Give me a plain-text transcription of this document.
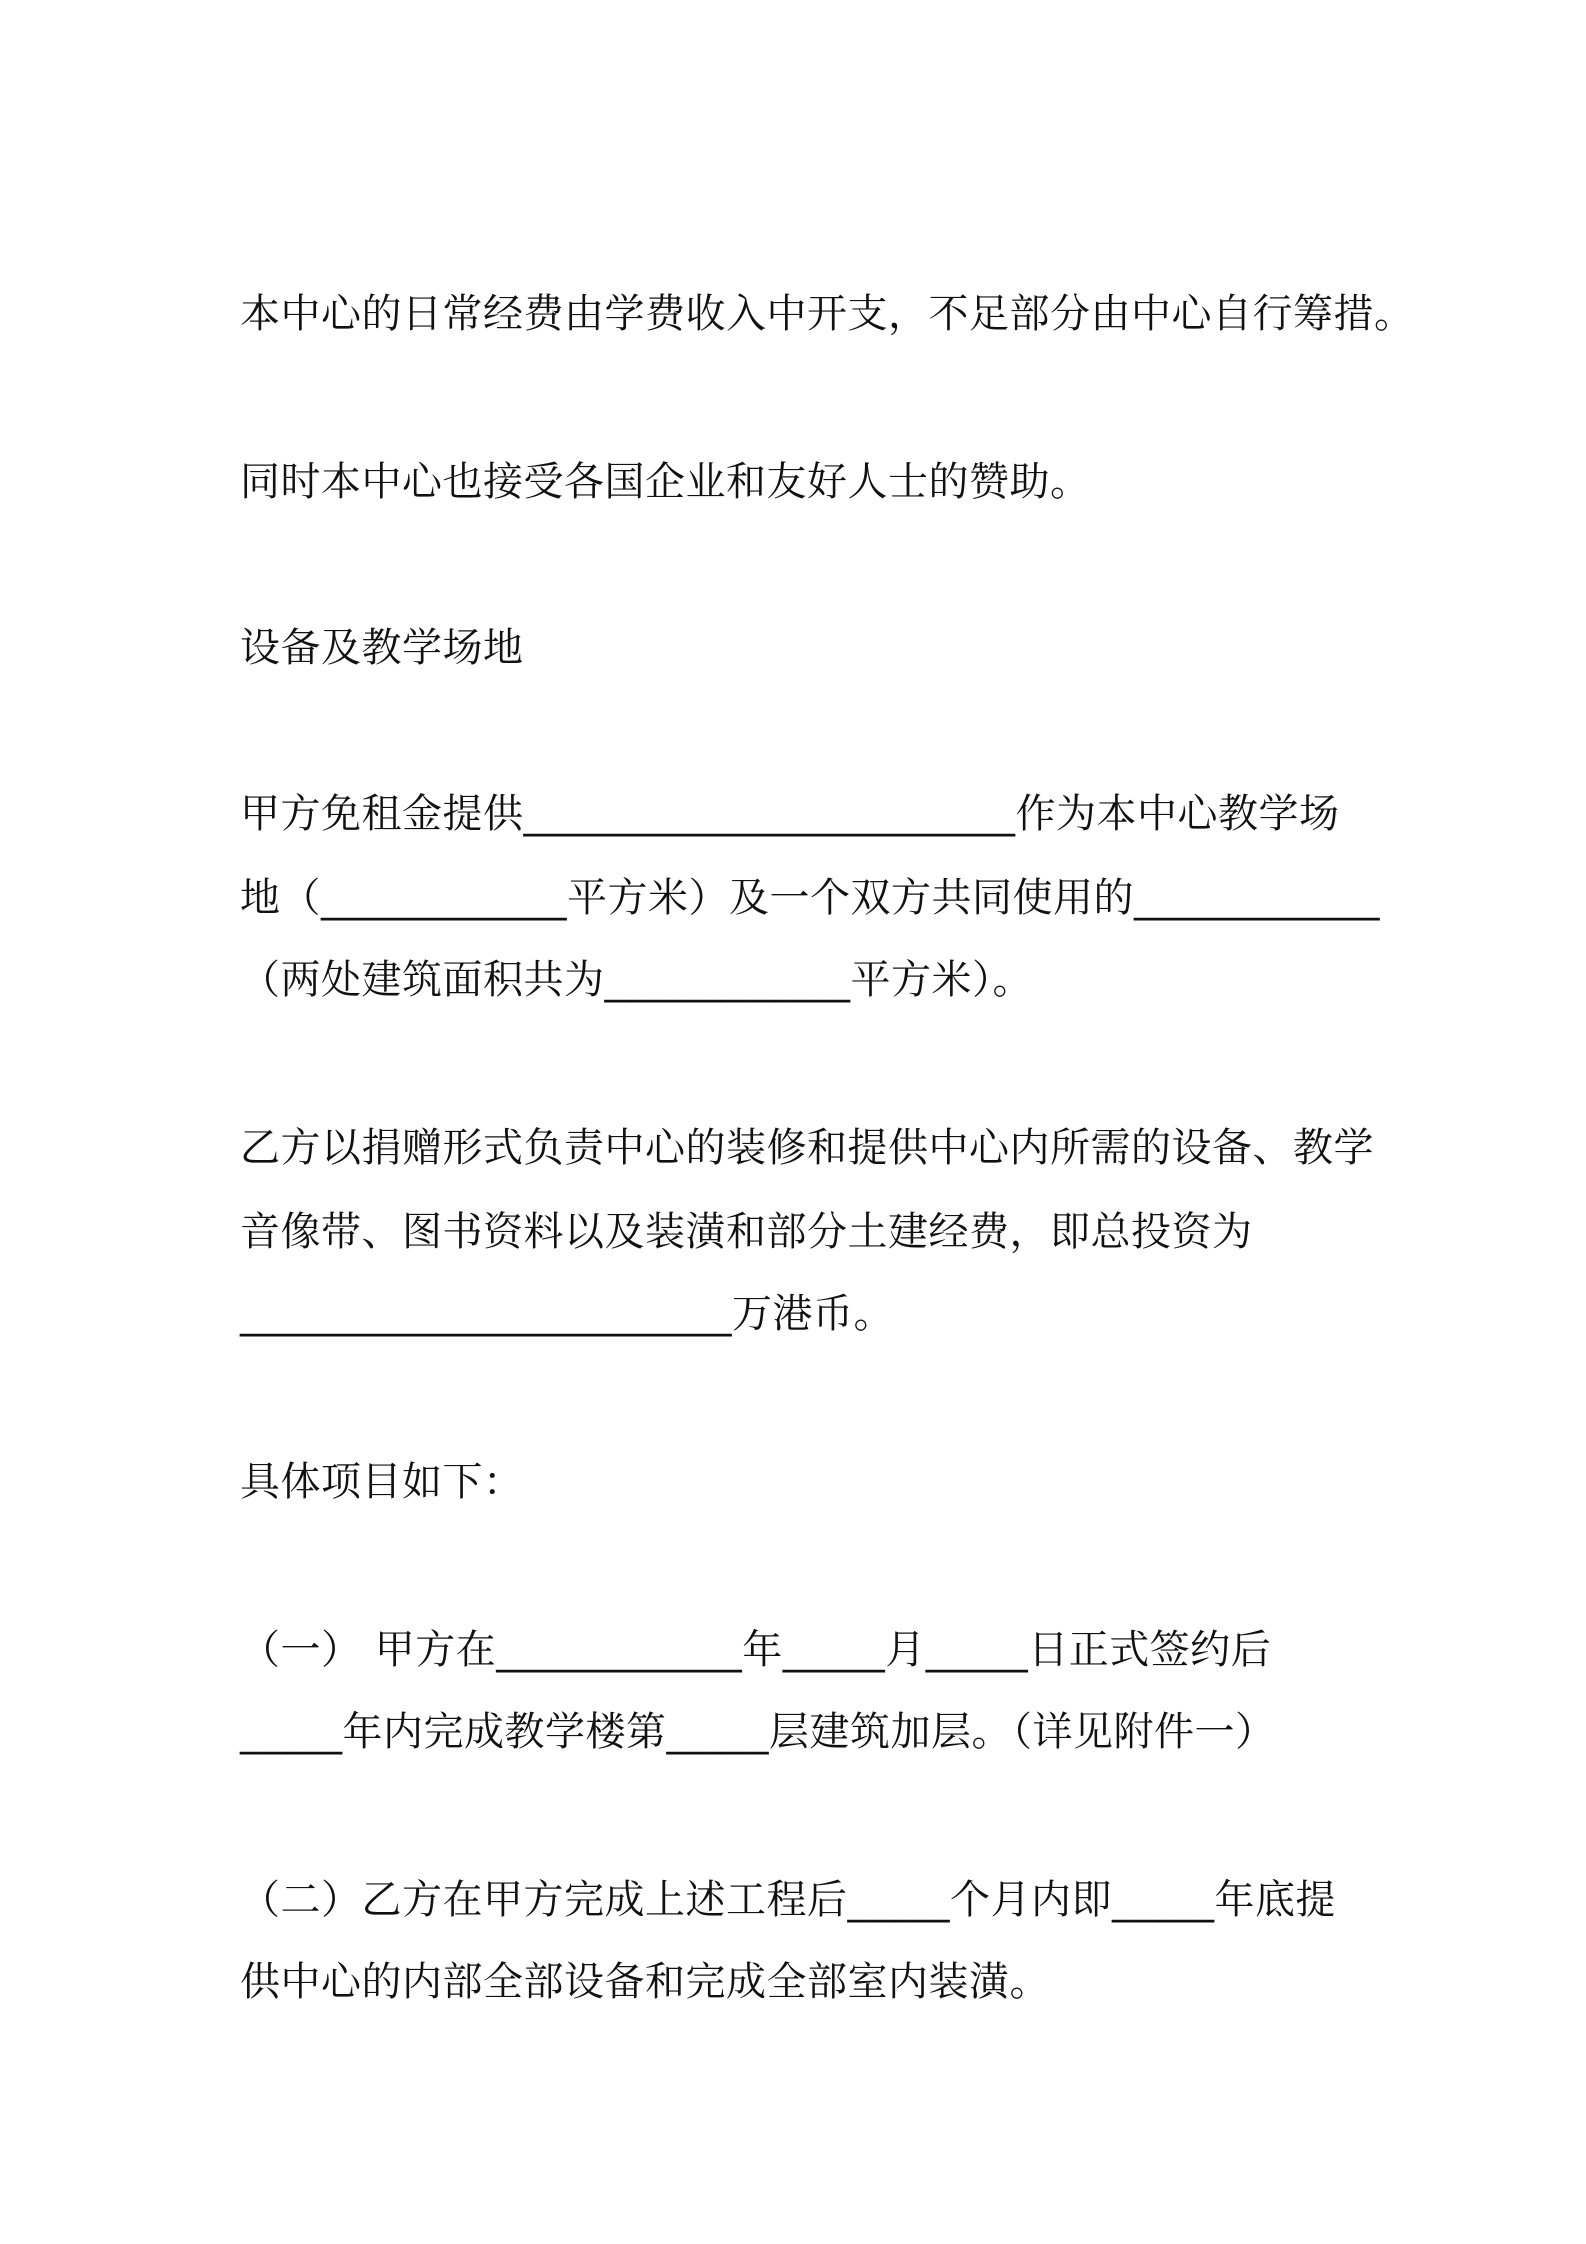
本中心的日常经费由学费收入中开支，不足部分由中心自行筹措。
同时本中心也接受各国企业和友好人士的赞助。
设备及教学场地
甲方免租金提供________________________作为本中心教学场
地（____________平方米）及一个双方共同使用的____________
（两处建筑面积共为____________平方米）。
乙方以捐赠形式负责中心的装修和提供中心内所需的设备、教学
音像带、图书资料以及装潢和部分土建经费，即总投资为
________________________万港币。
具体项目如下：
（一） 甲方在____________年_____月_____日正式签约后
_____年内完成教学楼第_____层建筑加层。（详见附件一）
（二）乙方在甲方完成上述工程后_____个月内即_____年底提
供中心的内部全部设备和完成全部室内装潢。
